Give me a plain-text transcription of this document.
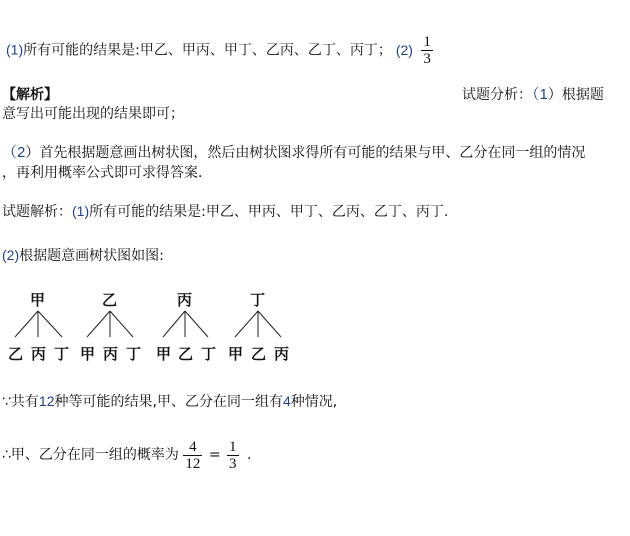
(1)所有可能的结果是:甲乙、甲丙、甲丁、乙丙、乙丁、丙丁； $(2) \frac{1}{3}$
【解析】	试题分析：（1）根据题
意写出可能出现的结果即可；
（2）首先根据题意画出树状图，然后由树状图求得所有可能的结果与甲、乙分在同一组的情况
，再利用概率公式即可求得答案．
试题解析：(1)所有可能的结果是:甲乙、甲丙、甲丁、乙丙、乙丁、丙丁.
(2)根据题意画树状图如图:
甲
乙 丙 丁
乙
甲 丙 丁
丙
甲 乙 丁
丁
甲 乙 丙
∵共有12种等可能的结果,甲、乙分在同一组有4种情况,
∴甲、乙分在同一组的概率为 $\frac{4}{12} = \frac{1}{3}$ .
